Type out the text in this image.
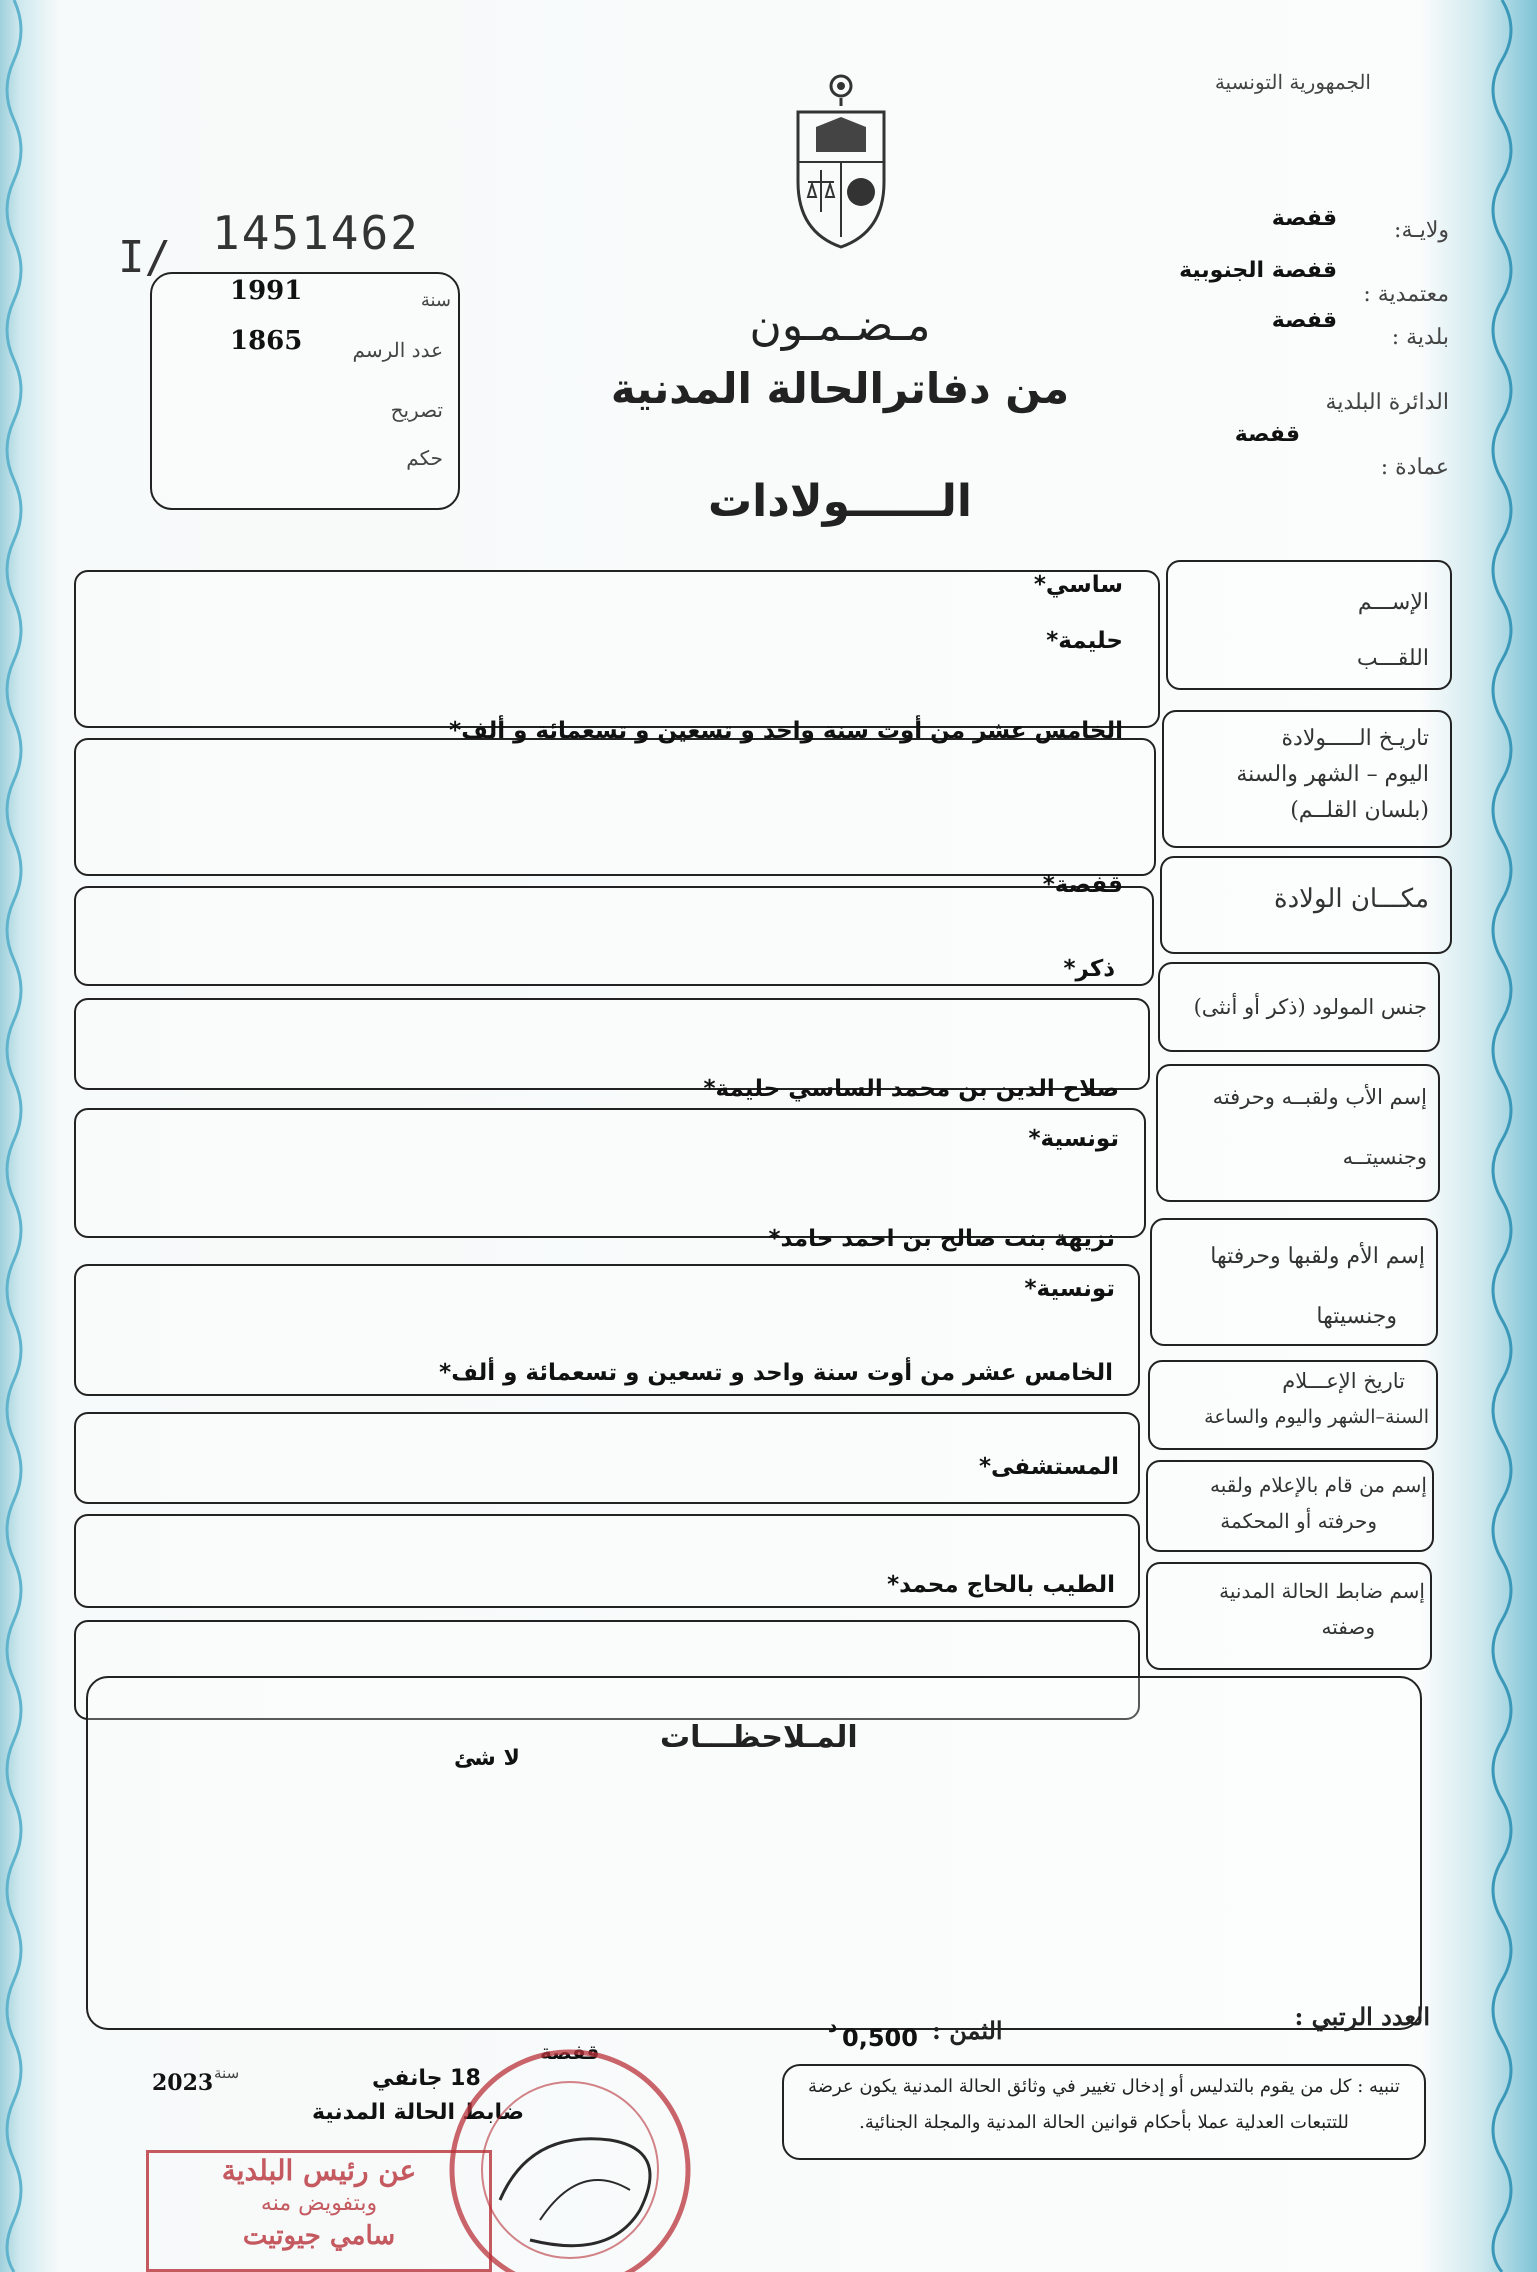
الجمهورية التونسية
I/ 1451462	ولايـة:
قفصة
معتمدية :
قفصة الجنوبية
بلدية :
قفصة
الدائرة البلدية
عمادة :
قفصة
سنة
1991
عدد الرسم
1865
تصريح
حكم
مـضـمـون
من دفاترالحالة المدنية
الــــــولادات
الإســـم
اللقـــب
ساسي*
حليمة*
تاريـخ الـــــولادة
اليوم – الشهر والسنة
(بلسان القلــم)
الخامس عشر من أوت سنة واحد و تسعين و تسعمائة و ألف*
مكـــان الولادة
قفصة*
جنس المولود (ذكر أو أنثى)
ذكر*
إسم الأب ولقبــه وحرفته
وجنسيتــه
صلاح الدين بن محمد الساسي حليمة*
تونسية*
إسم الأم ولقبها وحرفتها
وجنسيتها
نزيهة بنت صالح بن احمد حامد*
تونسية*
تاريخ الإعـــلام
السنة–الشهر واليوم والساعة
الخامس عشر من أوت سنة واحد و تسعين و تسعمائة و ألف*
إسم من قام بالإعلام ولقبه
وحرفته أو المحكمة
المستشفى*
إسم ضابط الحالة المدنية
وصفته
الطيب بالحاج محمد*
المـلاحظـــات
لا شئ
العدد الرتبي :
الثمن :
0,500
د
تنبيه : كل من يقوم بالتدليس أو إدخال تغيير في وثائق الحالة المدنية يكون عرضة
للتتبعات العدلية عملا بأحكام قوانين الحالة المدنية والمجلة الجنائية.
قفصة
18 جانفي
سنة
2023
ضابط الحالة المدنية
عن رئيس البلدية
وبتفويض منه
سامي جيوتيت
